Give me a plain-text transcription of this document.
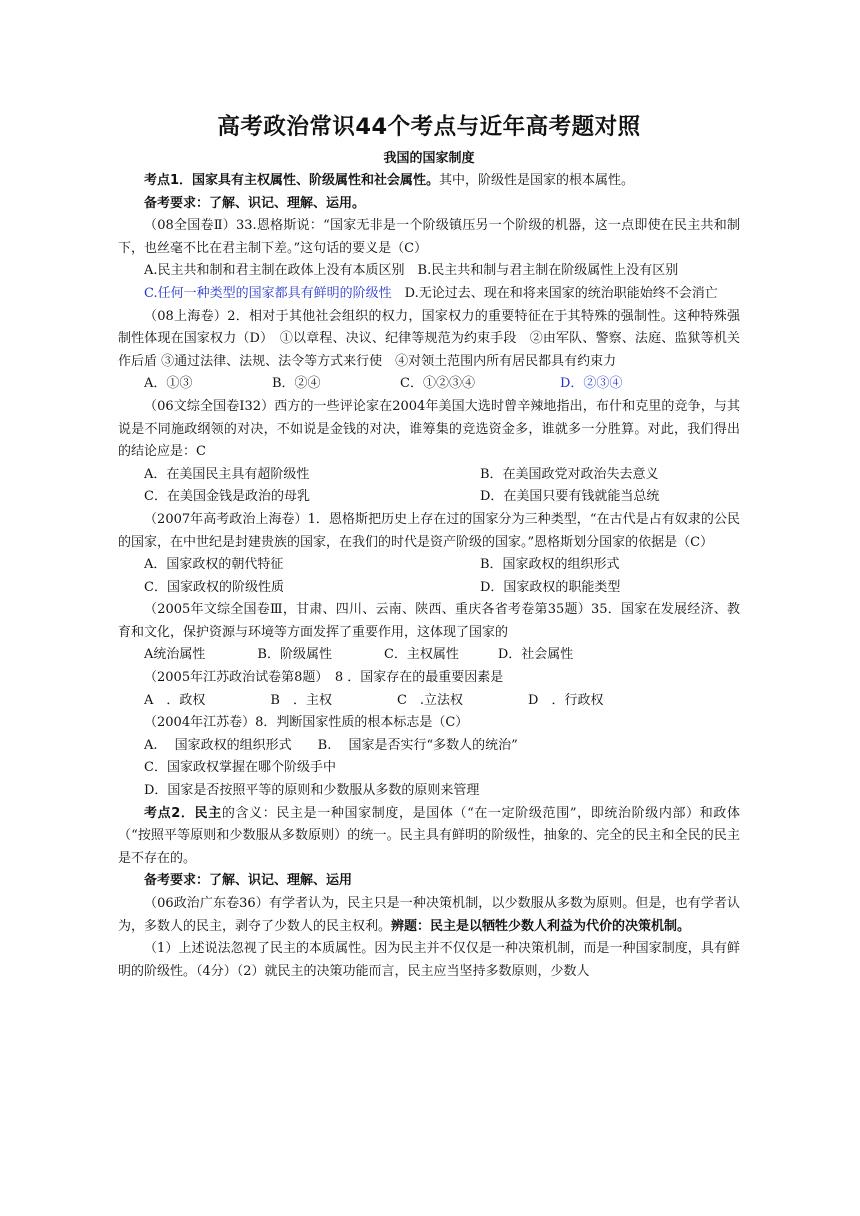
高考政治常识44个考点与近年高考题对照
我国的国家制度

考点1．国家具有主权属性、阶级属性和社会属性。其中，阶级性是国家的根本属性。

备考要求：了解、识记、理解、运用。

（08全国卷Ⅱ）33.恩格斯说：“国家无非是一个阶级镇压另一个阶级的机器，这一点即使在民主共和制下，也丝毫不比在君主制下差。”这句话的要义是（C）

A.民主共和制和君主制在政体上没有本质区别　B.民主共和制与君主制在阶级属性上没有区别

C.任何一种类型的国家都具有鲜明的阶级性　D.无论过去、现在和将来国家的统治职能始终不会消亡

（08上海卷）2．相对于其他社会组织的权力，国家权力的重要特征在于其特殊的强制性。这种特殊强制性体现在国家权力（D）　①以章程、决议、纪律等规范为约束手段　②由军队、警察、法庭、监狱等机关作后盾 ③通过法律、法规、法令等方式来行使　④对领土范围内所有居民都具有约束力

A．①③	B．②④	C．①②③④	D．②③④

（06文综全国卷I32）西方的一些评论家在2004年美国大选时曾辛辣地指出，布什和克里的竞争，与其说是不同施政纲领的对决，不如说是金钱的对决，谁筹集的竞选资金多，谁就多一分胜算。对此，我们得出的结论应是：C

A．在美国民主具有超阶级性	B．在美国政党对政治失去意义
C．在美国金钱是政治的母乳	D．在美国只要有钱就能当总统

（2007年高考政治上海卷）1．恩格斯把历史上存在过的国家分为三种类型，“在古代是占有奴隶的公民的国家，在中世纪是封建贵族的国家，在我们的时代是资产阶级的国家。”恩格斯划分国家的依据是（C）

A．国家政权的朝代特征	B．国家政权的组织形式
C．国家政权的阶级性质	D．国家政权的职能类型

（2005年文综全国卷Ⅲ，甘肃、四川、云南、陕西、重庆各省考卷第35题）35．国家在发展经济、教育和文化，保护资源与环境等方面发挥了重要作用，这体现了国家的

A统治属性　　　　B．阶级属性　　　　C．主权属性　　　D．社会属性

（2005年江苏政治试卷第8题）　8 ．国家存在的最重要因素是

A　．政权　　　　　B　．主权　　　　　C　.立法权　　　　　D　．行政权

（2004年江苏卷）8．判断国家性质的根本标志是（C）

A.　 国家政权的组织形式　　B.　 国家是否实行“多数人的统治”

C．国家政权掌握在哪个阶级手中

D．国家是否按照平等的原则和少数服从多数的原则来管理

考点2．民主的含义：民主是一种国家制度，是国体（“在一定阶级范围”，即统治阶级内部）和政体（“按照平等原则和少数服从多数原则）的统一。民主具有鲜明的阶级性，抽象的、完全的民主和全民的民主是不存在的。

备考要求：了解、识记、理解、运用

（06政治广东卷36）有学者认为，民主只是一种决策机制，以少数服从多数为原则。但是，也有学者认为，多数人的民主，剥夺了少数人的民主权利。辨题：民主是以牺牲少数人利益为代价的决策机制。

（1）上述说法忽视了民主的本质属性。因为民主并不仅仅是一种决策机制，而是一种国家制度，具有鲜明的阶级性。（4分）（2）就民主的决策功能而言，民主应当坚持多数原则，少数人
